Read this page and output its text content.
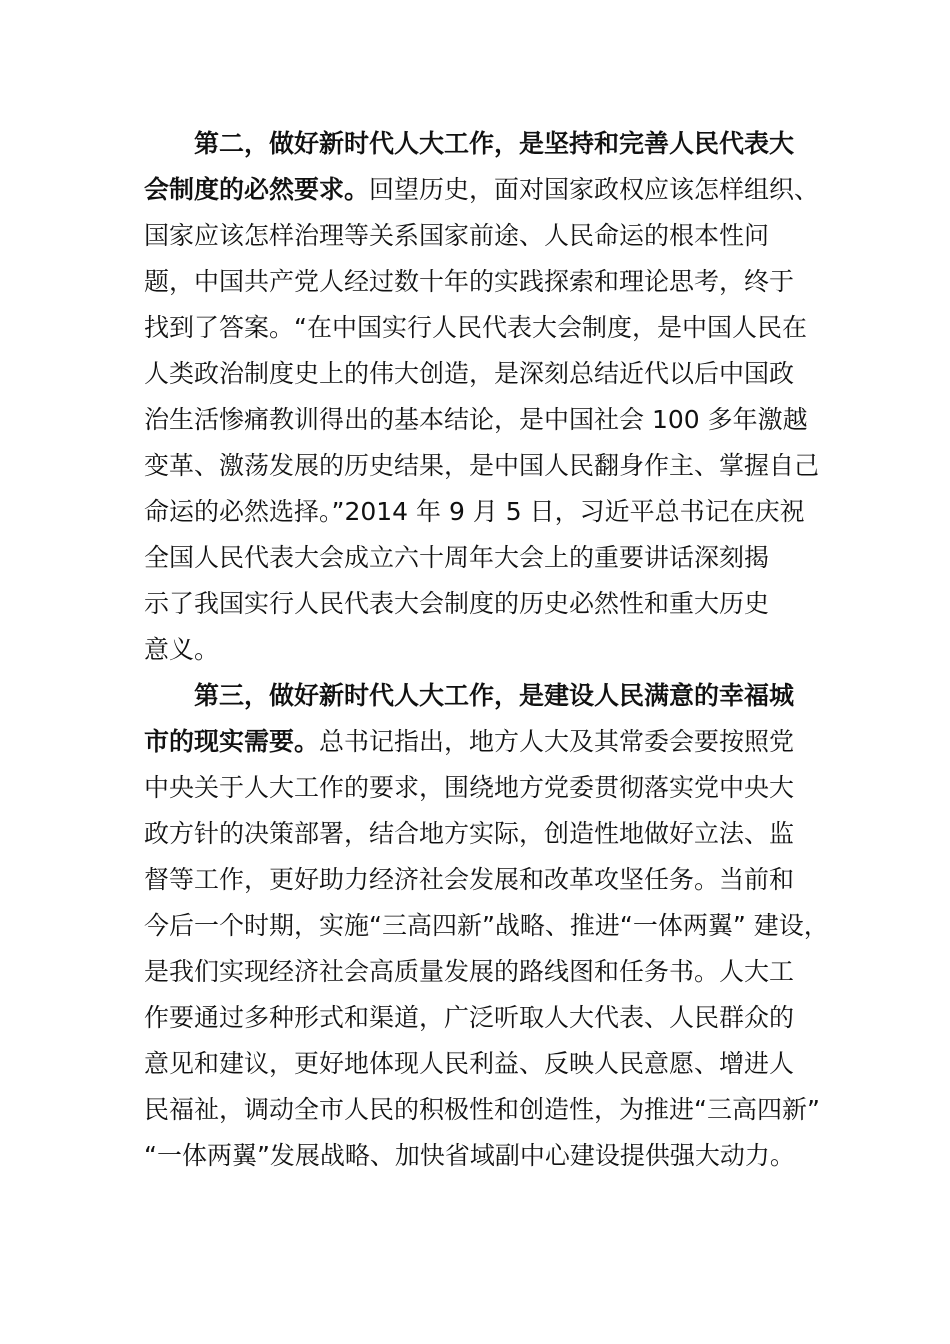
第二，做好新时代人大工作，是坚持和完善人民代表大
会制度的必然要求。回望历史，面对国家政权应该怎样组织、
国家应该怎样治理等关系国家前途、人民命运的根本性问
题，中国共产党人经过数十年的实践探索和理论思考，终于
找到了答案。“在中国实行人民代表大会制度，是中国人民在
人类政治制度史上的伟大创造，是深刻总结近代以后中国政
治生活惨痛教训得出的基本结论，是中国社会 100 多年激越
变革、激荡发展的历史结果，是中国人民翻身作主、掌握自己
命运的必然选择。”2014 年 9 月 5 日，习近平总书记在庆祝
全国人民代表大会成立六十周年大会上的重要讲话深刻揭
示了我国实行人民代表大会制度的历史必然性和重大历史
意义。
第三，做好新时代人大工作，是建设人民满意的幸福城
市的现实需要。总书记指出，地方人大及其常委会要按照党
中央关于人大工作的要求，围绕地方党委贯彻落实党中央大
政方针的决策部署，结合地方实际，创造性地做好立法、监
督等工作，更好助力经济社会发展和改革攻坚任务。当前和
今后一个时期，实施“三高四新”战略、推进“一体两翼” 建设，
是我们实现经济社会高质量发展的路线图和任务书。人大工
作要通过多种形式和渠道，广泛听取人大代表、人民群众的
意见和建议，更好地体现人民利益、反映人民意愿、增进人
民福祉，调动全市人民的积极性和创造性，为推进“三高四新”
“一体两翼”发展战略、加快省域副中心建设提供强大动力。
